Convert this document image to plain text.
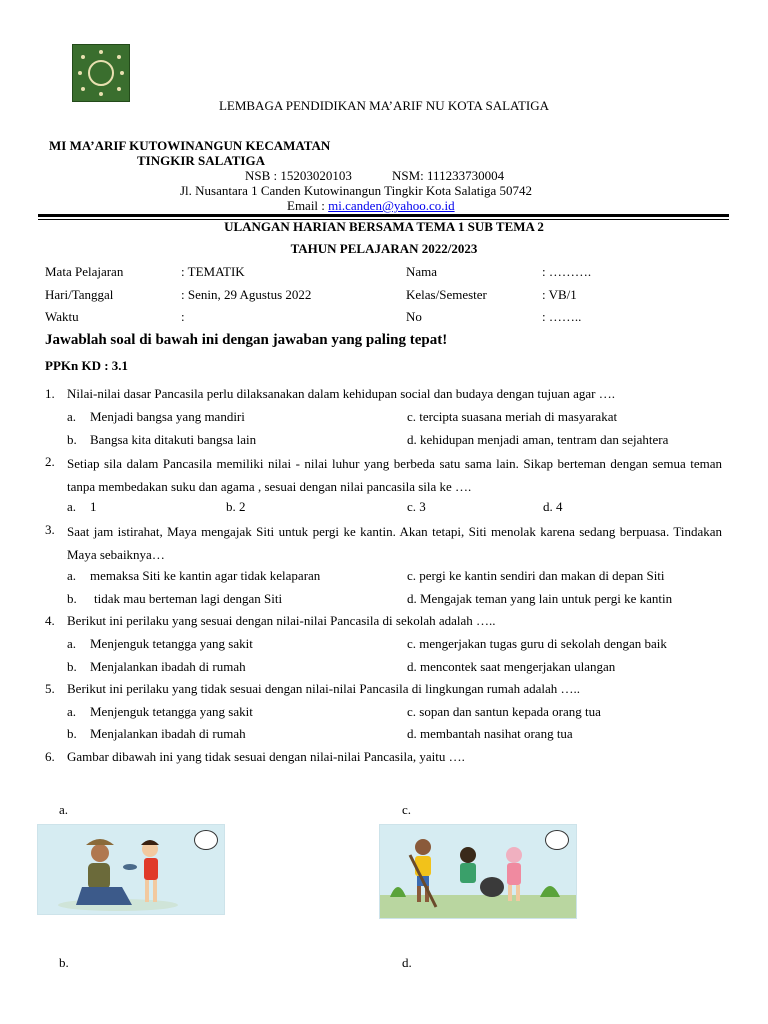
LEMBAGA PENDIDIKAN MA’ARIF NU KOTA SALATIGA
MI MA’ARIF KUTOWINANGUN KECAMATAN
TINGKIR SALATIGA
NSB : 15203020103	NSM: 111233730004
Jl. Nusantara 1 Canden Kutowinangun Tingkir Kota Salatiga 50742
Email : mi.canden@yahoo.co.id
ULANGAN HARIAN BERSAMA TEMA 1 SUB TEMA 2
TAHUN PELAJARAN 2022/2023
Mata Pelajaran	: TEMATIK	Nama	: ……….
Hari/Tanggal	: Senin, 29 Agustus 2022	Kelas/Semester	: VB/1
Waktu	:	No	: ……..
Jawablah soal di bawah ini dengan jawaban yang paling tepat!
PPKn KD : 3.1
1. Nilai-nilai dasar Pancasila perlu dilaksanakan dalam kehidupan social dan budaya dengan tujuan agar ….
a. Menjadi bangsa yang mandiri	c. tercipta suasana meriah di masyarakat
b. Bangsa kita ditakuti bangsa lain	d. kehidupan menjadi aman, tentram dan sejahtera
2. Setiap sila dalam Pancasila memiliki nilai - nilai luhur yang berbeda satu sama lain. Sikap berteman dengan semua teman tanpa membedakan suku dan agama , sesuai dengan nilai pancasila sila ke ….
a. 1	b. 2	c. 3	d. 4
3. Saat jam istirahat, Maya mengajak Siti untuk pergi ke kantin. Akan tetapi, Siti menolak karena sedang berpuasa. Tindakan Maya sebaiknya…
a. memaksa Siti ke kantin agar tidak kelaparan	c. pergi ke kantin sendiri dan makan di depan Siti
b. tidak mau berteman lagi dengan Siti	d. Mengajak teman yang lain untuk pergi ke kantin
4. Berikut ini perilaku yang sesuai dengan nilai-nilai Pancasila di sekolah adalah …..
a. Menjenguk tetangga yang sakit	c. mengerjakan tugas guru di sekolah dengan baik
b. Menjalankan ibadah di rumah	d. mencontek saat mengerjakan ulangan
5. Berikut ini perilaku yang tidak sesuai dengan nilai-nilai Pancasila di lingkungan rumah adalah …..
a. Menjenguk tetangga yang sakit	c. sopan dan santun kepada orang tua
b. Menjalankan ibadah di rumah	d. membantah nasihat orang tua
6. Gambar dibawah ini yang tidak sesuai dengan nilai-nilai Pancasila, yaitu ….
a.	c.
b.	d.
